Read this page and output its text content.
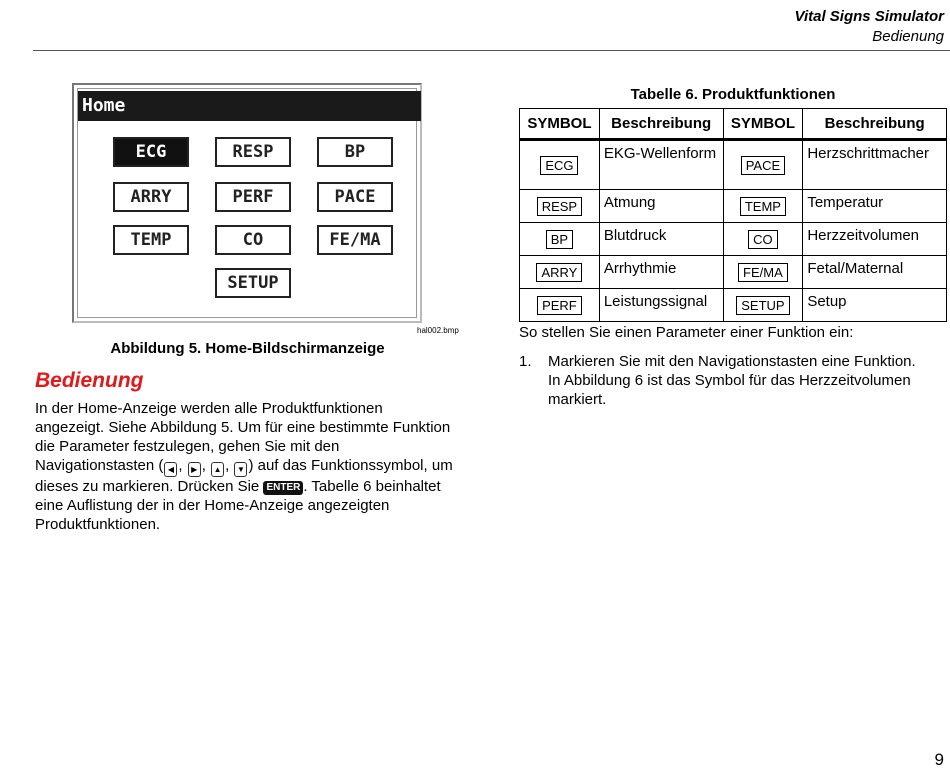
Vital Signs Simulator
Bedienung
Home
ECG	RESP	BP
ARRY	PERF	PACE
TEMP	CO	FE/MA
SETUP
hal002.bmp
Abbildung 5. Home-Bildschirmanzeige
Bedienung
In der Home-Anzeige werden alle Produktfunktionen angezeigt. Siehe Abbildung 5. Um für eine bestimmte Funktion die Parameter festzulegen, gehen Sie mit den Navigationstasten ( ◀ , ▶ , ▲ , ▼ ) auf das Funktionssymbol, um dieses zu markieren. Drücken Sie ENTER . Tabelle 6 beinhaltet eine Auflistung der in der Home-Anzeige angezeigten Produktfunktionen.
Tabelle 6. Produktfunktionen
SYMBOL	Beschreibung	SYMBOL	Beschreibung
ECG	EKG-Wellenform	PACE	Herzschrittmacher
RESP	Atmung	TEMP	Temperatur
BP	Blutdruck	CO	Herzzeitvolumen
ARRY	Arrhythmie	FE/MA	Fetal/Maternal
PERF	Leistungssignal	SETUP	Setup
So stellen Sie einen Parameter einer Funktion ein:
1. Markieren Sie mit den Navigationstasten eine Funktion. In Abbildung 6 ist das Symbol für das Herzzeitvolumen markiert.
9
